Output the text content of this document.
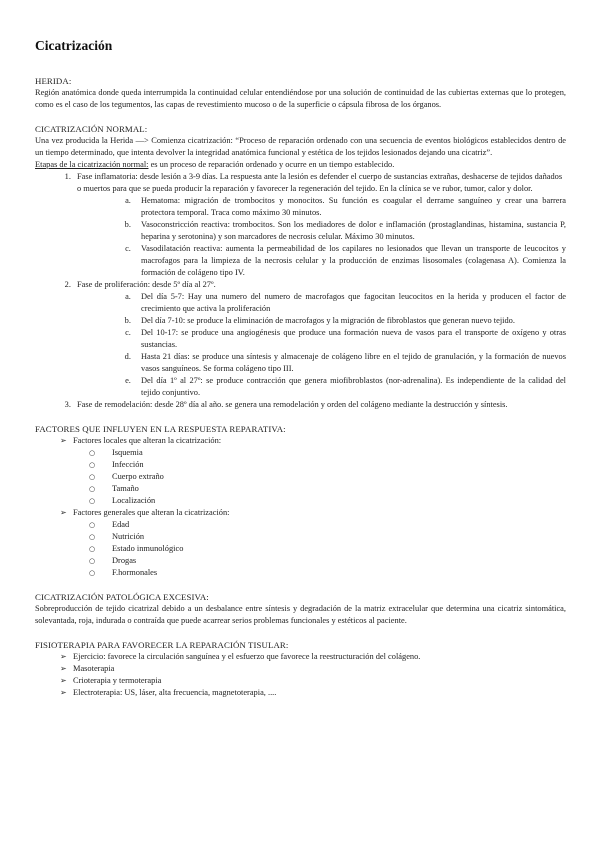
Cicatrización
HERIDA:

Región anatómica donde queda interrumpida la continuidad celular entendiéndose por una solución de continuidad de las cubiertas externas que lo protegen, como es el caso de los tegumentos, las capas de revestimiento mucoso o de la superficie o cápsula fibrosa de los órganos.

CICATRIZACIÓN NORMAL:

Una vez producida la Herida —> Comienza cicatrización: “Proceso de reparación ordenado con una secuencia de eventos biológicos establecidos dentro de un tiempo determinado, que intenta devolver la integridad anatómica funcional y estética de los tejidos lesionados dejando una cicatriz”.

Etapas de la cicatrización normal: es un proceso de reparación ordenado y ocurre en un tiempo establecido.

1. Fase inflamatoria: desde lesión a 3-9 días. La respuesta ante la lesión es defender el cuerpo de sustancias extrañas, deshacerse de tejidos dañados o muertos para que se pueda producir la reparación y favorecer la regeneración del tejido. En la clínica se ve rubor, tumor, calor y dolor.
a. Hematoma: migración de trombocitos y monocitos. Su función es coagular el derrame sanguíneo y crear una barrera protectora temporal. Traca como máximo 30 minutos.
b. Vasoconstricción reactiva: trombocitos. Son los mediadores de dolor e inflamación (prostaglandinas, histamina, sustancia P, heparina y serotonina) y son marcadores de necrosis celular. Máximo 30 minutos.
c. Vasodilatación reactiva: aumenta la permeabilidad de los capilares no lesionados que llevan un transporte de leucocitos y macrofagos para la limpieza de la necrosis celular y la producción de enzimas lisosomales (colagenasa A). Comienza la formación de colágeno tipo IV.
2. Fase de proliferación: desde 5º día al 27º.
a. Del día 5-7: Hay una numero del numero de macrofagos que fagocitan leucocitos en la herida y producen el factor de crecimiento que activa la proliferación
b. Del día 7-10: se produce la eliminación de macrofagos y la migración de fibroblastos que generan nuevo tejido.
c. Del 10-17: se produce una angiogénesis que produce una formación nueva de vasos para el transporte de oxígeno y otras sustancias.
d. Hasta 21 días: se produce una síntesis y almacenaje de colágeno libre en el tejido de granulación, y la formación de nuevos vasos sanguíneos. Se forma colágeno tipo III.
e. Del día 1º al 27º: se produce contracción que genera miofibroblastos (nor-adrenalina). Es independiente de la calidad del tejido conjuntivo.
3. Fase de remodelación: desde 28º día al año. se genera una remodelación y orden del colágeno mediante la destrucción y síntesis.
FACTORES QUE INFLUYEN EN LA RESPUESTA REPARATIVA:
➢ Factores locales que alteran la cicatrización:
○ Isquemia
○ Infección
○ Cuerpo extraño
○ Tamaño
○ Localización
➢ Factores generales que alteran la cicatrización:
○ Edad
○ Nutrición
○ Estado inmunológico
○ Drogas
○ F.hormonales
CICATRIZACIÓN PATOLÓGICA EXCESIVA:

Sobreproducción de tejido cicatrizal debido a un desbalance entre síntesis y degradación de la matriz extracelular que determina una cicatriz sintomática, solevantada, roja, indurada o contraída que puede acarrear serios problemas funcionales y estéticos al paciente.

FISIOTERAPIA PARA FAVORECER LA REPARACIÓN TISULAR:
➢ Ejercicio: favorece la circulación sanguínea y el esfuerzo que favorece la reestructuración del colágeno.
➢ Masoterapia
➢ Crioterapia y termoterapia
➢ Electroterapia: US, láser, alta frecuencia, magnetoterapia, ....
